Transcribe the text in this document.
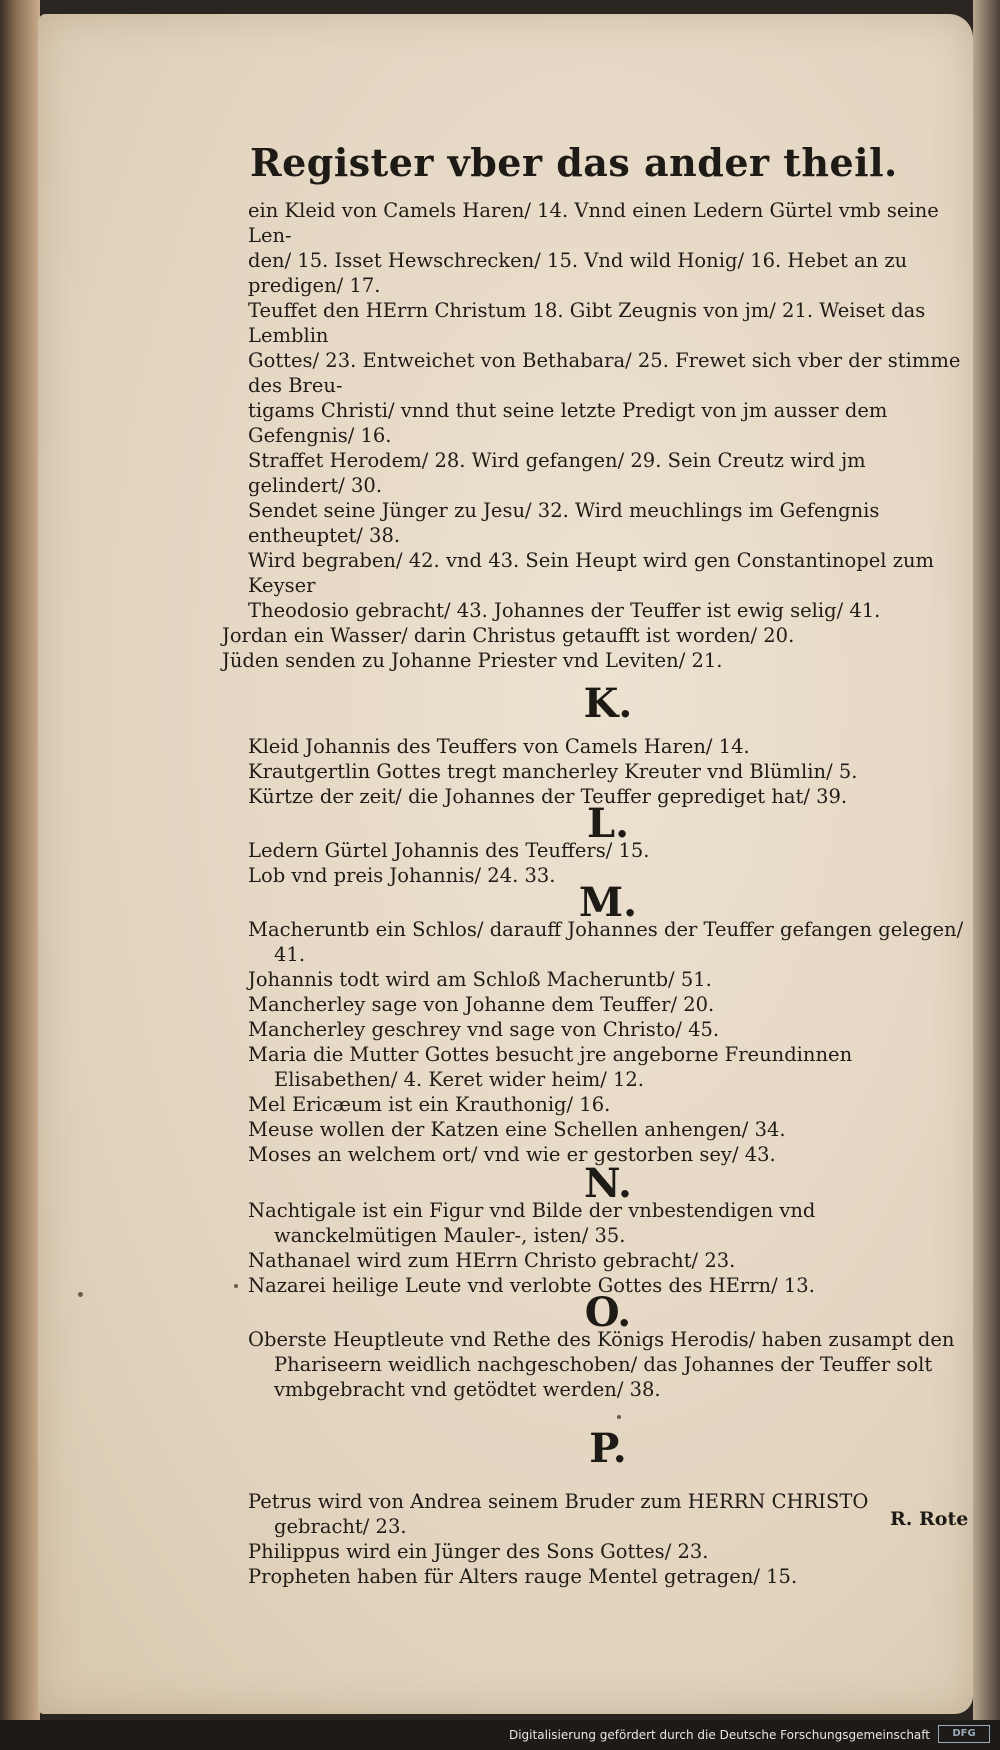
Register vber das ander theil.

ein Kleid von Camels Haren/ 14. Vnnd einen Ledern Gürtel vmb seine Len-

den/ 15. Isset Hewschrecken/ 15. Vnd wild Honig/ 16. Hebet an zu predigen/ 17.

Teuffet den HErrn Christum 18. Gibt Zeugnis von jm/ 21. Weiset das Lemblin

Gottes/ 23. Entweichet von Bethabara/ 25. Frewet sich vber der stimme des Breu-

tigams Christi/ vnnd thut seine letzte Predigt von jm ausser dem Gefengnis/ 16.

Straffet Herodem/ 28. Wird gefangen/ 29. Sein Creutz wird jm gelindert/ 30.

Sendet seine Jünger zu Jesu/ 32. Wird meuchlings im Gefengnis entheuptet/ 38.

Wird begraben/ 42. vnd 43. Sein Heupt wird gen Constantinopel zum Keyser

Theodosio gebracht/ 43. Johannes der Teuffer ist ewig selig/ 41.

Jordan ein Wasser/ darin Christus getaufft ist worden/ 20.

Jüden senden zu Johanne Priester vnd Leviten/ 21.

K.

Kleid Johannis des Teuffers von Camels Haren/ 14.

Krautgertlin Gottes tregt mancherley Kreuter vnd Blümlin/ 5.

Kürtze der zeit/ die Johannes der Teuffer geprediget hat/ 39.

L.

Ledern Gürtel Johannis des Teuffers/ 15.

Lob vnd preis Johannis/ 24. 33.

M.

Macheruntb ein Schlos/ darauff Johannes der Teuffer gefangen gelegen/ 41.

Johannis todt wird am Schloß Macheruntb/ 51.

Mancherley sage von Johanne dem Teuffer/ 20.

Mancherley geschrey vnd sage von Christo/ 45.

Maria die Mutter Gottes besucht jre angeborne Freundinnen Elisabethen/ 4. Keret wider heim/ 12.

Mel Ericæum ist ein Krauthonig/ 16.

Meuse wollen der Katzen eine Schellen anhengen/ 34.

Moses an welchem ort/ vnd wie er gestorben sey/ 43.

N.

Nachtigale ist ein Figur vnd Bilde der vnbestendigen vnd wanckelmütigen Mauler-, isten/ 35.

Nathanael wird zum HErrn Christo gebracht/ 23.

Nazarei heilige Leute vnd verlobte Gottes des HErrn/ 13.

O.

Oberste Heuptleute vnd Rethe des Königs Herodis/ haben zusampt den Phariseern weidlich nachgeschoben/ das Johannes der Teuffer solt vmbgebracht vnd getödtet werden/ 38.

P.

Petrus wird von Andrea seinem Bruder zum HERRN CHRISTO gebracht/ 23.

Philippus wird ein Jünger des Sons Gottes/ 23.

Propheten haben für Alters rauge Mentel getragen/ 15.

R. Rote
Digitalisierung gefördert durch die Deutsche Forschungsgemeinschaft	DFG
